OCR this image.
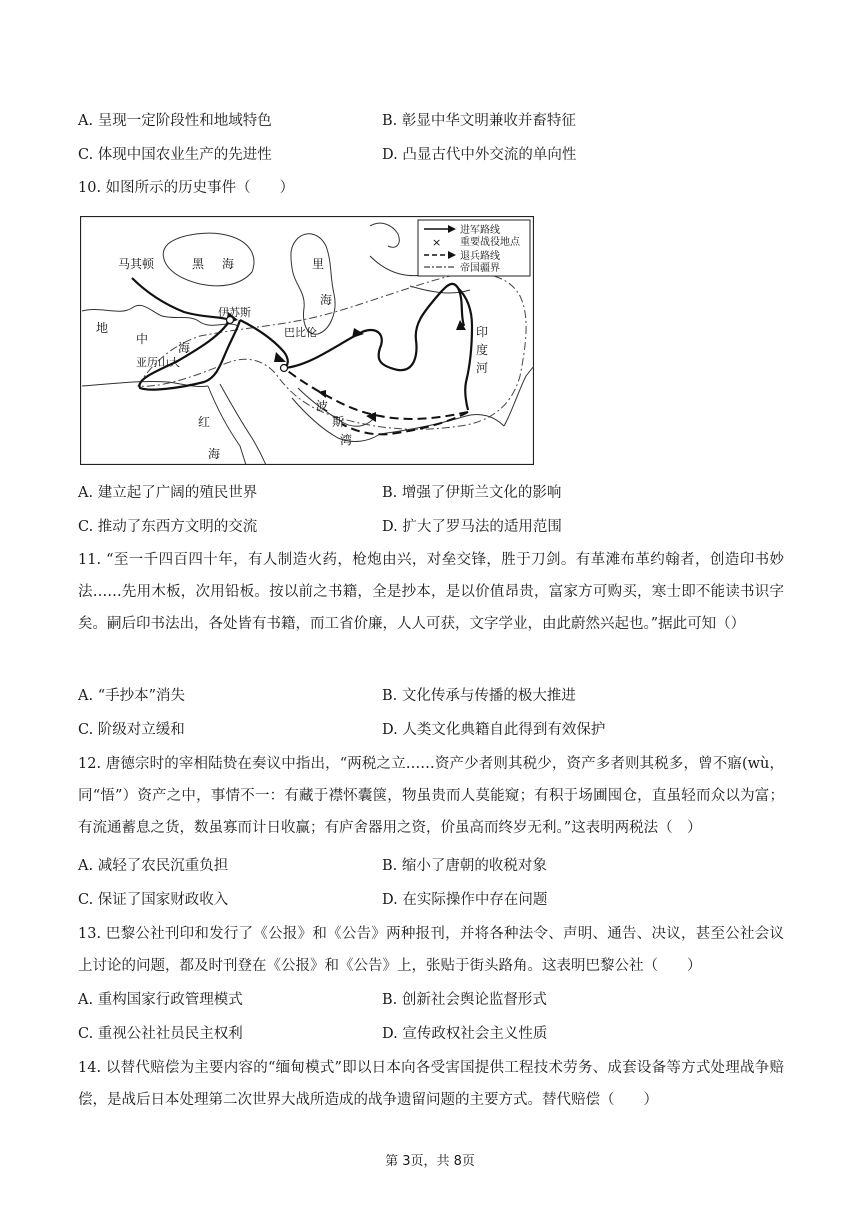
A. 呈现一定阶段性和地域特色	B. 彰显中华文明兼收并畜特征
C. 体现中国农业生产的先进性	D. 凸显古代中外交流的单向性
10. 如图所示的历史事件（　　）
进军路线
× 重要战役地点
退兵路线
帝国疆界
马其顿	黑 海	里
海
地
中
海
伊苏斯
亚历山大
巴比伦	印
度
河
波
斯
湾
红
海
A. 建立起了广阔的殖民世界	B. 增强了伊斯兰文化的影响
C. 推动了东西方文明的交流	D. 扩大了罗马法的适用范围
11. “至一千四百四十年，有人制造火药，枪炮由兴，对垒交锋，胜于刀剑。有革滩布革约翰者，创造印书妙法……先用木板，次用铅板。按以前之书籍，全是抄本，是以价值昂贵，富家方可购买，寒士即不能读书识字矣。嗣后印书法出，各处皆有书籍，而工省价廉，人人可获，文字学业，由此蔚然兴起也。”据此可知（）
A. “手抄本”消失	B. 文化传承与传播的极大推进
C. 阶级对立缓和	D. 人类文化典籍自此得到有效保护
12. 唐德宗时的宰相陆贽在奏议中指出，“两税之立……资产少者则其税少，资产多者则其税多，曾不寤(wù，同“悟”）资产之中，事情不一：有藏于襟怀囊箧，物虽贵而人莫能窥；有积于场圃囤仓，直虽轻而众以为富；有流通蓄息之货，数虽寡而计日收赢；有庐舍器用之资，价虽高而终岁无利。”这表明两税法（　）
A. 减轻了农民沉重负担	B. 缩小了唐朝的收税对象
C. 保证了国家财政收入	D. 在实际操作中存在问题
13. 巴黎公社刊印和发行了《公报》和《公告》两种报刊，并将各种法令、声明、通告、决议，甚至公社会议上讨论的问题，都及时刊登在《公报》和《公告》上，张贴于街头路角。这表明巴黎公社（　　）
A. 重构国家行政管理模式	B. 创新社会舆论监督形式
C. 重视公社社员民主权利	D. 宣传政权社会主义性质
14. 以替代赔偿为主要内容的“缅甸模式”即以日本向各受害国提供工程技术劳务、成套设备等方式处理战争赔偿，是战后日本处理第二次世界大战所造成的战争遗留问题的主要方式。替代赔偿（　　）
第 3页，共 8页
